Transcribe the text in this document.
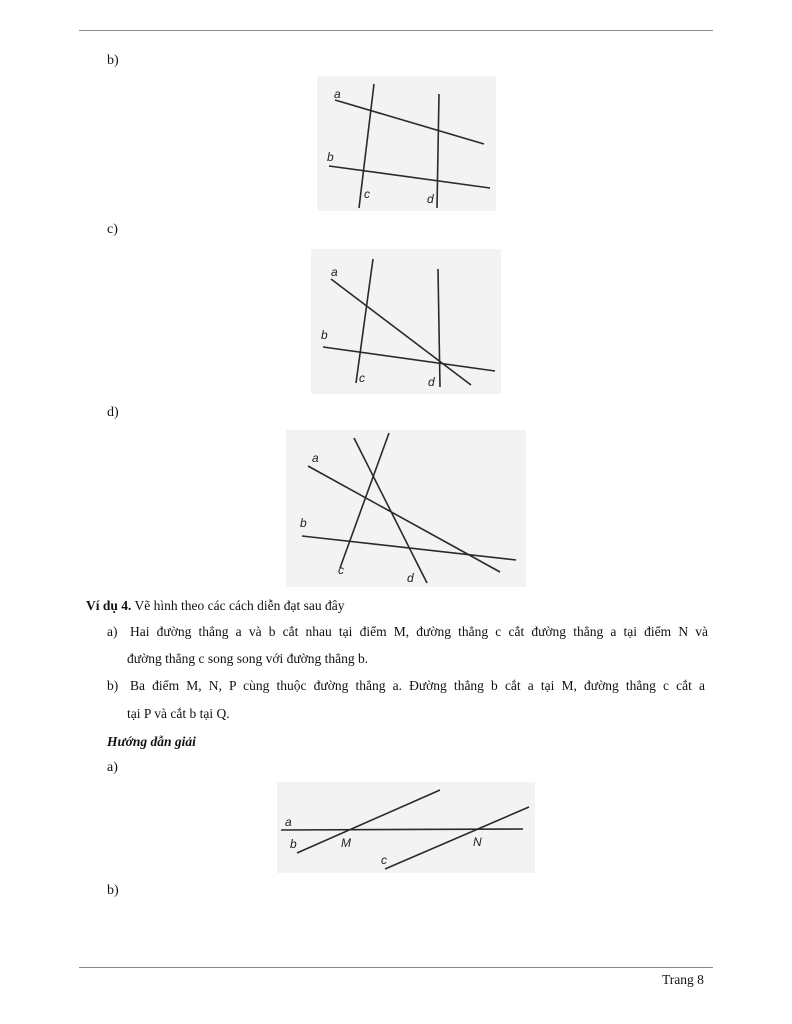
b)
a
b
c	d
c)
a
b
c	d
d)
a
b
c
d
Ví dụ 4. Vẽ hình theo các cách diễn đạt sau đây
a) Hai đường thẳng a và b cắt nhau tại điểm M, đường thẳng c cắt đường thẳng a tại điểm N và
đường thẳng c song song với đường thẳng b.
b) Ba điểm M, N, P cùng thuộc đường thẳng a. Đường thẳng b cắt a tại M, đường thẳng c cắt a
tại P và cắt b tại Q.
Hướng dẫn giải
a)
a
b
c
M	N
b)
Trang 8
